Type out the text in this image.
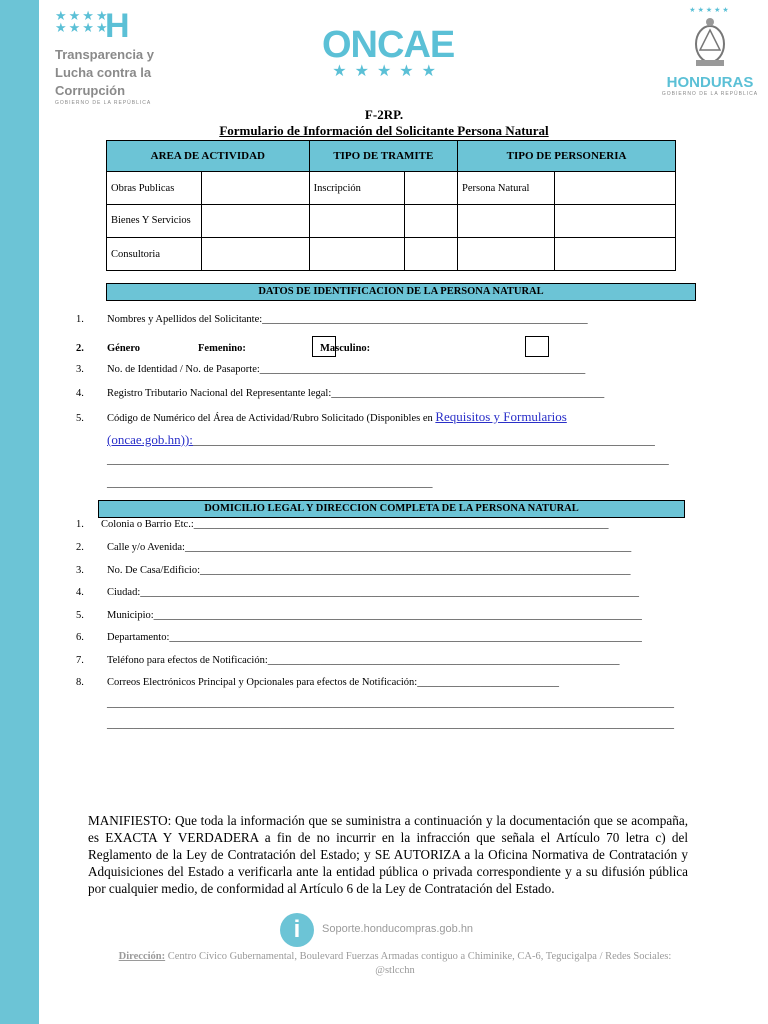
★★★★
★★★★
H
Transparencia y
Lucha contra la
Corrupción
GOBIERNO DE LA REPÚBLICA
ONCAE
★★★★★
★★★★★
HONDURAS
GOBIERNO DE LA REPÚBLICA
F-2RP.
Formulario de Información del Solicitante Persona Natural
AREA DE ACTIVIDAD		TIPO DE TRAMITE		TIPO DE PERSONERIA	
Obras Publicas		Inscripción		Persona Natural	
Bienes Y Servicios					
Consultoria					
DATOS DE IDENTIFICACION DE LA PERSONA NATURAL
1. Nombres y Apellidos del Solicitante:______________________________________________________________
2. Género	Femenino:	Masculino:
3. No. de Identidad / No. de Pasaporte:______________________________________________________________
4. Registro Tributario Nacional del Representante legal:____________________________________________________
5. Código de Numérico del Área de Actividad/Rubro Solicitado (Disponibles en Requisitos y Formularios
(oncae.gob.hn)):________________________________________________________________________________________
___________________________________________________________________________________________________________
______________________________________________________________
DOMICILIO LEGAL Y DIRECCION COMPLETA DE LA PERSONA NATURAL
1. Colonia o Barrio Etc.:_______________________________________________________________________________
2. Calle y/o Avenida:_____________________________________________________________________________________
3. No. De Casa/Edificio:__________________________________________________________________________________
4. Ciudad:_______________________________________________________________________________________________
5. Municipio:_____________________________________________________________________________________________
6. Departamento:__________________________________________________________________________________________
7. Teléfono para efectos de Notificación:___________________________________________________________________
8. Correos Electrónicos Principal y Opcionales para efectos de Notificación:___________________________
____________________________________________________________________________________________________________
____________________________________________________________________________________________________________
MANIFIESTO: Que toda la información que se suministra a continuación y la documentación que se acompaña, es EXACTA Y VERDADERA a fin de no incurrir en la infracción que señala el Artículo 70 letra c) del Reglamento de la Ley de Contratación del Estado; y SE AUTORIZA a la Oficina Normativa de Contratación y Adquisiciones del Estado a verificarla ante la entidad pública o privada correspondiente y a su difusión pública por cualquier medio, de conformidad al Artículo 6 de la Ley de Contratación del Estado.
i	Soporte.honducompras.gob.hn
Dirección: Centro Cívico Gubernamental, Boulevard Fuerzas Armadas contiguo a Chiminike, CA-6, Tegucigalpa / Redes Sociales: @stlcchn
